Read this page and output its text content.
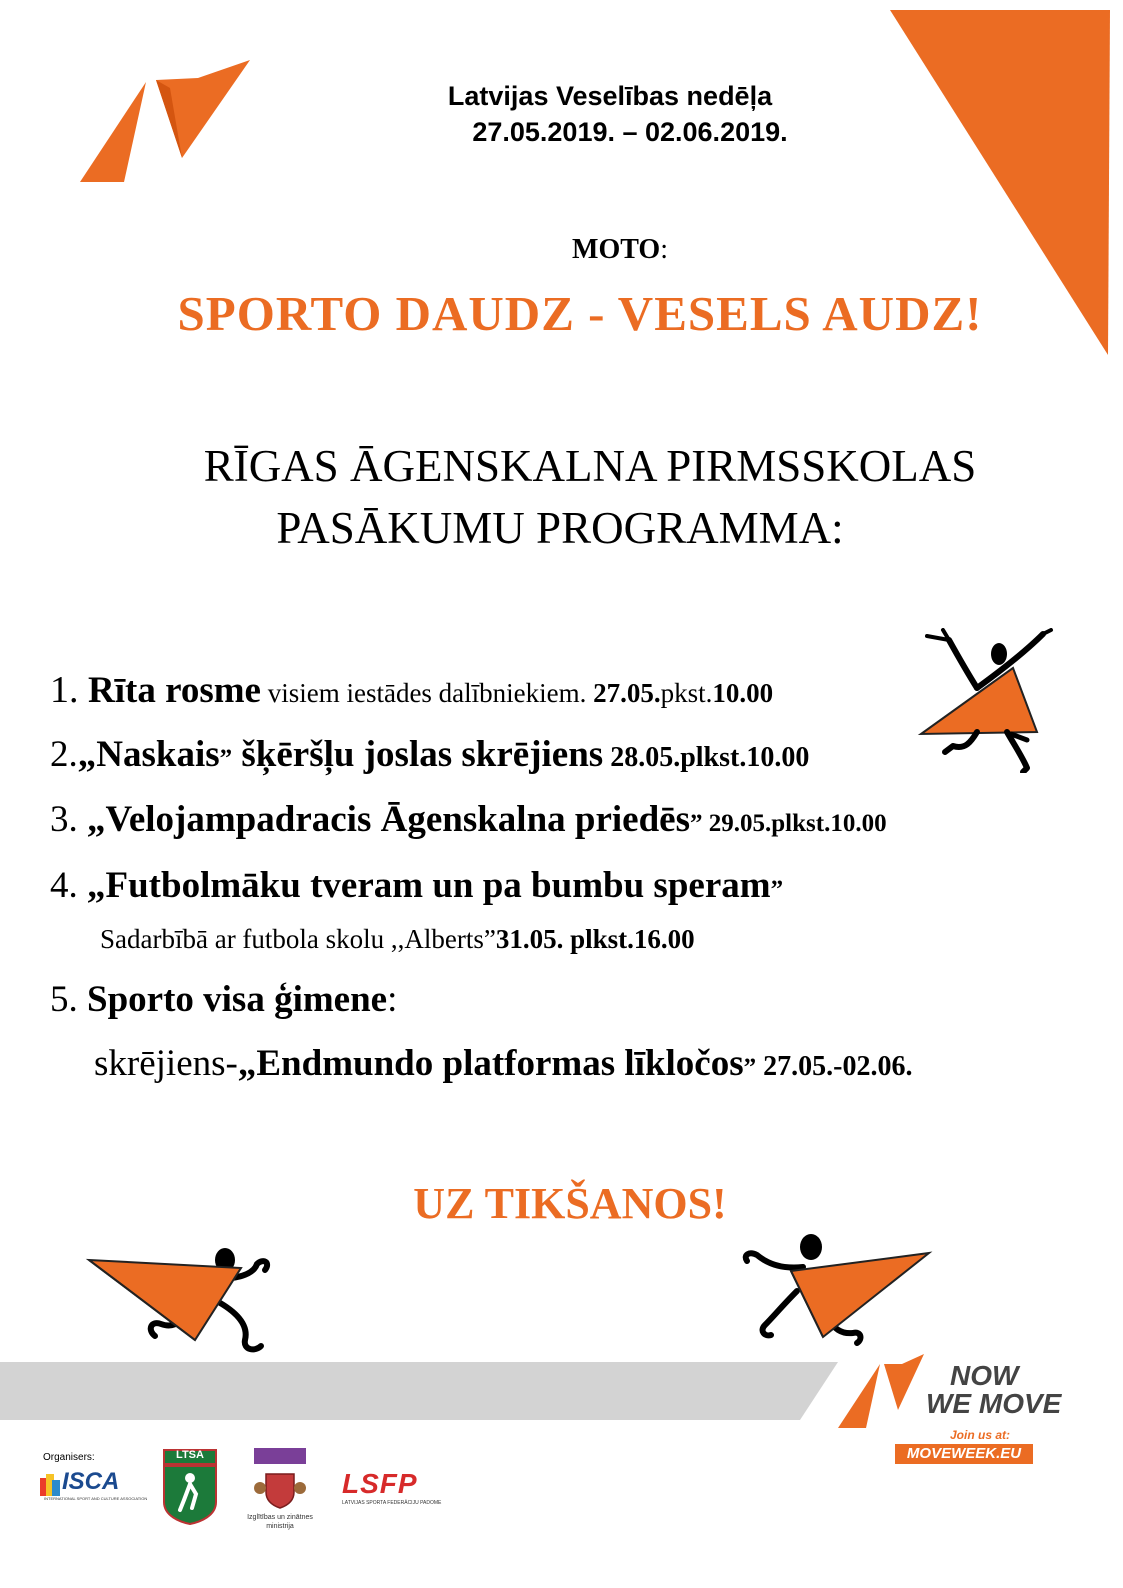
Latvijas Veselības nedēļa
27.05.2019. – 02.06.2019.
MOTO:
SPORTO DAUDZ - VESELS AUDZ!
RĪGAS ĀGENSKALNA PIRMSSKOLAS
PASĀKUMU PROGRAMMA:
1. Rīta rosme visiem iestādes dalībniekiem. 27.05.pkst.10.00
2.„Naskais” šķēršļu joslas skrējiens 28.05.plkst.10.00
3. „Velojampadracis Āgenskalna priedēs” 29.05.plkst.10.00
4. „Futbolmāku tveram un pa bumbu speram”
Sadarbībā ar futbola skolu ,,Alberts”31.05. plkst.16.00
5. Sporto visa ģimene:
skrējiens-„Endmundo platformas līkločos” 27.05.-02.06.
UZ TIKŠANOS!
NOW
WE MOVE
Join us at:
MOVEWEEK.EU
Organisers:
ISCA
INTERNATIONAL SPORT AND CULTURE ASSOCIATION
LTSA
Izglītības un zinātnes
ministrija
LSFP
LATVIJAS SPORTA FEDERĀCIJU PADOME
